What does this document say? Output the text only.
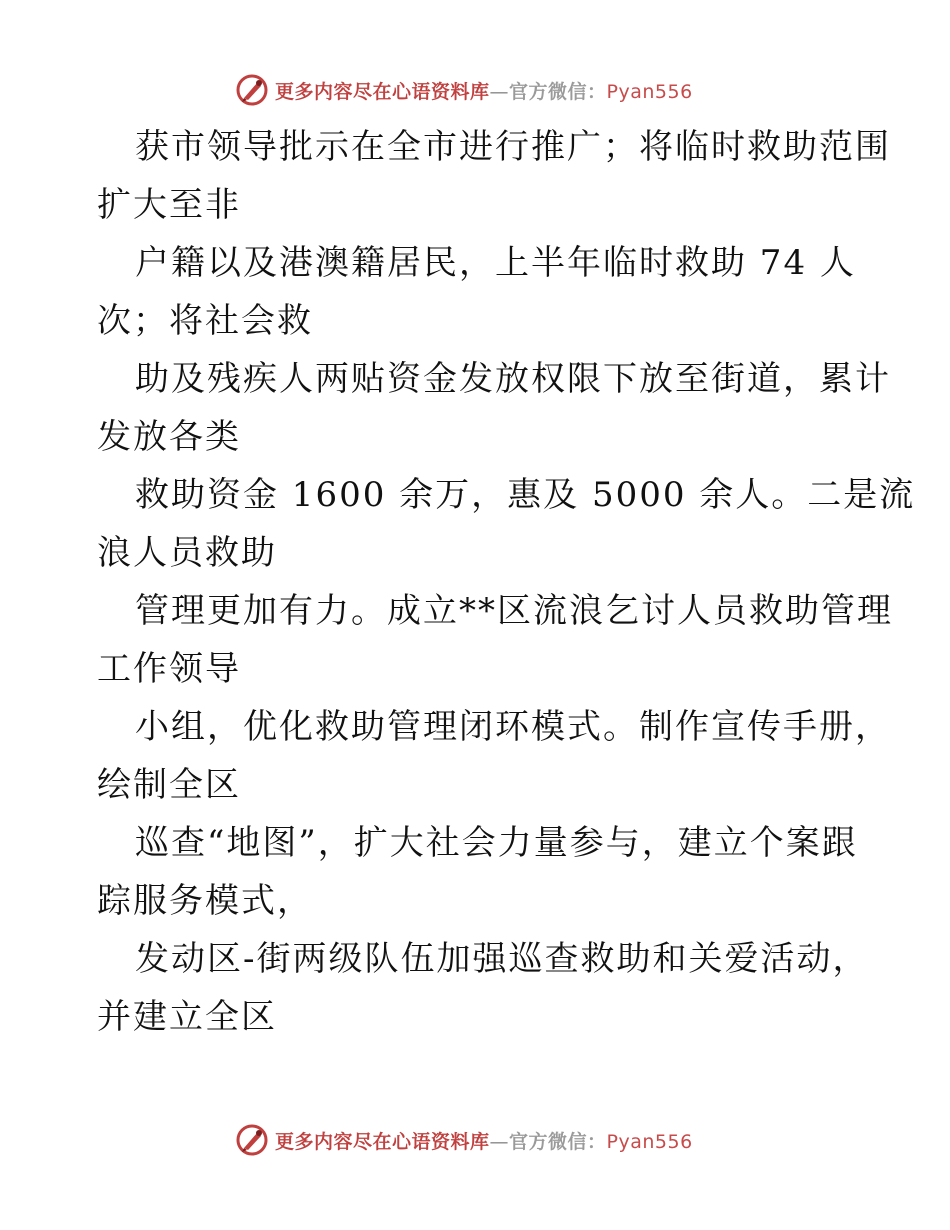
更多内容尽在心语资料库—官方微信：Pyan556
获市领导批示在全市进行推广；将临时救助范围
扩大至非
户籍以及港澳籍居民，上半年临时救助 74 人
次；将社会救
助及残疾人两贴资金发放权限下放至街道，累计
发放各类
救助资金 1600 余万，惠及 5000 余人。二是流
浪人员救助
管理更加有力。成立**区流浪乞讨人员救助管理
工作领导
小组，优化救助管理闭环模式。制作宣传手册，
绘制全区
巡查“地图”，扩大社会力量参与，建立个案跟
踪服务模式，
发动区-街两级队伍加强巡查救助和关爱活动，
并建立全区
更多内容尽在心语资料库—官方微信：Pyan556
